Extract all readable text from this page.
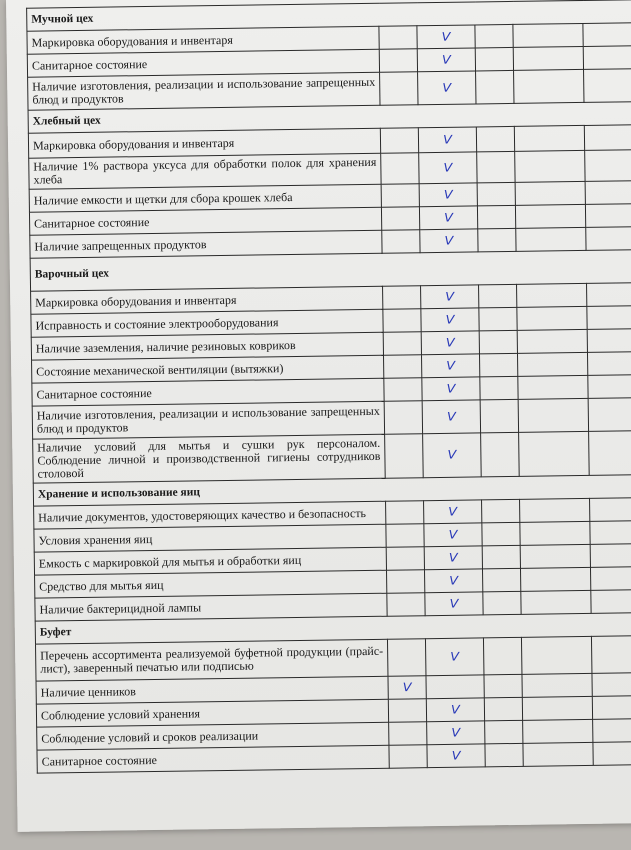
Мучной цех					
Маркировка оборудования и инвентаря		V			
Санитарное состояние		V			
Наличие изготовления, реализации и использование запрещенных блюд и продуктов		V			
Хлебный цех					
Маркировка оборудования и инвентаря		V			
Наличие 1% раствора уксуса для обработки полок для хранения хлеба		V			
Наличие емкости и щетки для сбора крошек хлеба		V			
Санитарное состояние		V			
Наличие запрещенных продуктов		V			
Варочный цех					
Маркировка оборудования и инвентаря		V			
Исправность и состояние электрооборудования		V			
Наличие заземления, наличие резиновых ковриков		V			
Состояние механической вентиляции (вытяжки)		V			
Санитарное состояние		V			
Наличие изготовления, реализации и использование запрещенных блюд и продуктов		V			
Наличие условий для мытья и сушки рук персоналом. Соблюдение личной и производственной гигиены сотрудников столовой		V			
Хранение и использование яиц					
Наличие документов, удостоверяющих качество и безопасность		V			
Условия хранения яиц		V			
Емкость с маркировкой для мытья и обработки яиц		V			
Средство для мытья яиц		V			
Наличие бактерицидной лампы		V			
Буфет					
Перечень ассортимента реализуемой буфетной продукции (прайс-лист), заверенный печатью или подписью		V			
Наличие ценников	V				
Соблюдение условий хранения		V			
Соблюдение условий и сроков реализации		V			
Санитарное состояние		V			
